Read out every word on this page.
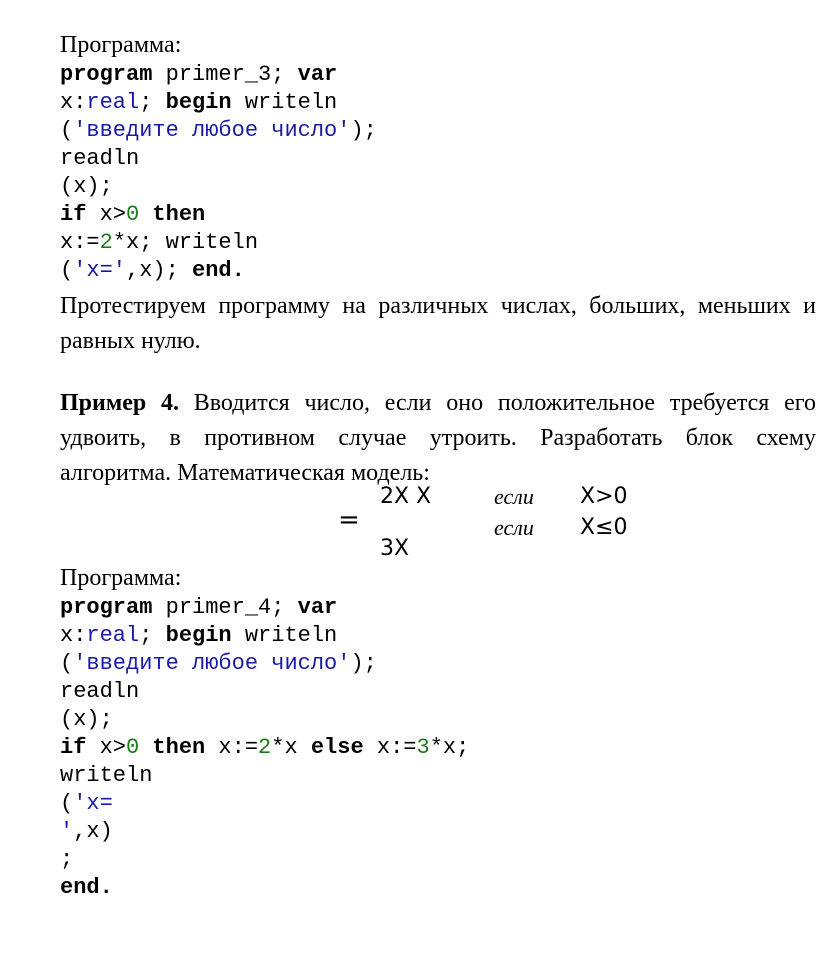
Программа:
program primer_3; var
x:real; begin writeln
('введите любое число');
readln
(x);
if x>0 then
x:=2*x; writeln
('x=',x); end.
Протестируем программу на различных числах, больших, меньших и
равных нулю.
Пример 4. Вводится число, если оно положительное требуется его
удвоить, в противном случае утроить. Разработать блок схему
алгоритма. Математическая модель:
=
2X X
3X
если X>0
если X≤0
Программа:
program primer_4; var
x:real; begin writeln
('введите любое число');
readln
(x);
if x>0 then x:=2*x else x:=3*x;
writeln
('x=
',x)
;
end.
